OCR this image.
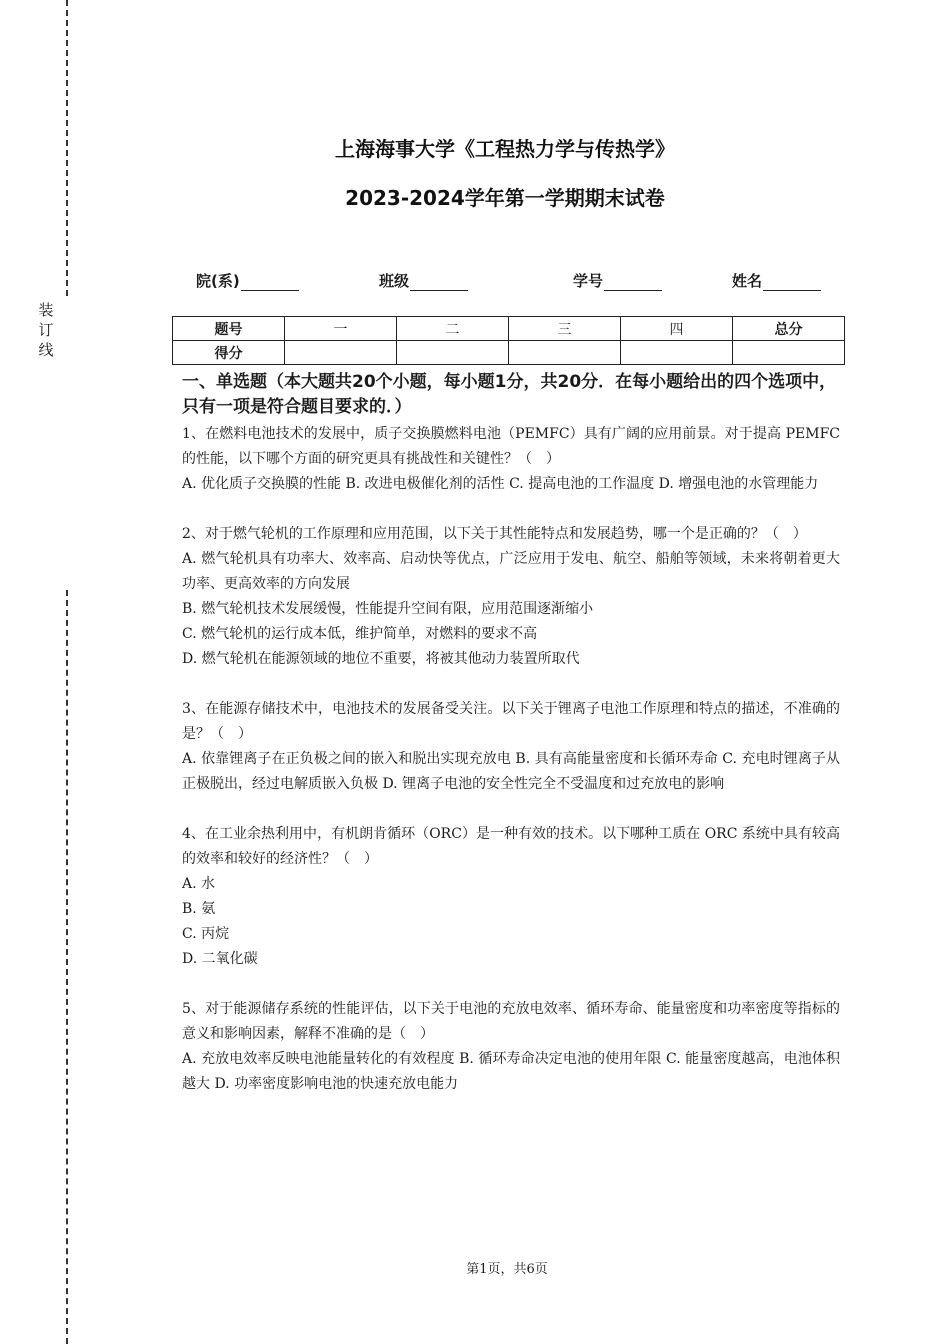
装
订
线
上海海事大学《工程热力学与传热学》
2023-2024学年第一学期期末试卷
院(系)	班级	学号	姓名
题号	一	二	三	四	总分
得分					

一、单选题（本大题共20个小题，每小题1分，共20分．在每小题给出的四个选项中，只有一项是符合题目要求的．）

1、在燃料电池技术的发展中，质子交换膜燃料电池（PEMFC）具有广阔的应用前景。对于提高 PEMFC 的性能，以下哪个方面的研究更具有挑战性和关键性？（　）

A. 优化质子交换膜的性能 B. 改进电极催化剂的活性 C. 提高电池的工作温度 D. 增强电池的水管理能力

2、对于燃气轮机的工作原理和应用范围，以下关于其性能特点和发展趋势，哪一个是正确的？（　）

A. 燃气轮机具有功率大、效率高、启动快等优点，广泛应用于发电、航空、船舶等领域，未来将朝着更大功率、更高效率的方向发展

B. 燃气轮机技术发展缓慢，性能提升空间有限，应用范围逐渐缩小

C. 燃气轮机的运行成本低，维护简单，对燃料的要求不高

D. 燃气轮机在能源领域的地位不重要，将被其他动力装置所取代

3、在能源存储技术中，电池技术的发展备受关注。以下关于锂离子电池工作原理和特点的描述，不准确的是？（　）

A. 依靠锂离子在正负极之间的嵌入和脱出实现充放电 B. 具有高能量密度和长循环寿命 C. 充电时锂离子从正极脱出，经过电解质嵌入负极 D. 锂离子电池的安全性完全不受温度和过充放电的影响

4、在工业余热利用中，有机朗肯循环（ORC）是一种有效的技术。以下哪种工质在 ORC 系统中具有较高的效率和较好的经济性？（　）

A. 水

B. 氨

C. 丙烷

D. 二氧化碳

5、对于能源储存系统的性能评估，以下关于电池的充放电效率、循环寿命、能量密度和功率密度等指标的意义和影响因素，解释不准确的是（　）

A. 充放电效率反映电池能量转化的有效程度 B. 循环寿命决定电池的使用年限 C. 能量密度越高，电池体积越大 D. 功率密度影响电池的快速充放电能力

第1页，共6页
